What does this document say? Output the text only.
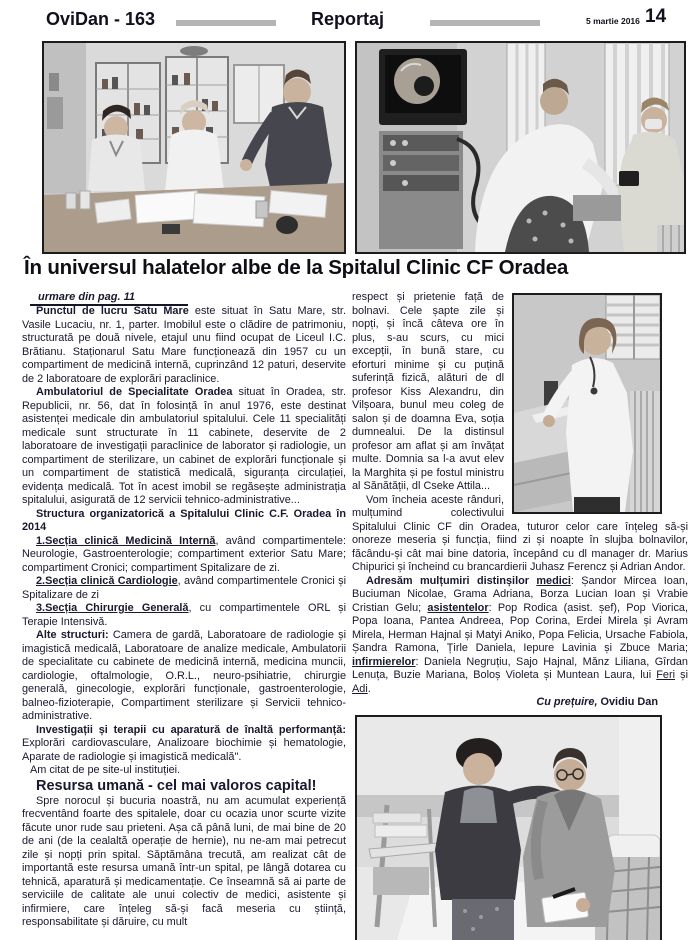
OviDan - 163	Reportaj	5 martie 2016 14
În universul halatelor albe de la Spitalul Clinic CF Oradea
urmare din pag. 11

Punctul de lucru Satu Mare este situat în Satu Mare, str. Vasile Lucaciu, nr. 1, parter. Imobilul este o clădire de patrimoniu, structurată pe două nivele, etajul unu fiind ocupat de Liceul I.C. Brătianu. Staționarul Satu Mare funcționează din 1957 cu un compartiment de medicină internă, cuprinzând 12 paturi, deservite de 2 laboratoare de explorări paraclinice.

Ambulatoriul de Specialitate Oradea situat în Oradea, str. Republicii, nr. 56, dat în folosință în anul 1976, este destinat asistenței medicale din ambulatoriul spitalului. Cele 11 specialități medicale sunt structurate în 11 cabinete, deservite de 2 laboratoare de investigații paraclinice de laborator și radiologie, un compartiment de sterilizare, un cabinet de explorări funcționale și un compartiment de statistică medicală, siguranța circulației, evidența medicală. Tot în acest imobil se regăsește administrația spitalului, asigurată de 12 servicii tehnico-administrative...

Structura organizatorică a Spitalului Clinic C.F. Oradea în 2014

1.Secția clinică Medicină Internă, având compartimentele: Neurologie, Gastroenterologie; compartiment exterior Satu Mare; compartiment Cronici; compartiment Spitalizare de zi.

2.Secția clinică Cardiologie, având compartimentele Cronici și Spitalizare de zi

3.Secția Chirurgie Generală, cu compartimentele ORL și Terapie Intensivă.

Alte structuri: Camera de gardă, Laboratoare de radiologie și imagistică medicală, Laboratoare de analize medicale, Ambulatorii de specialitate cu cabinete de medicină internă, medicina muncii, cardiologie, oftalmologie, O.R.L., neuro-psihiatrie, chirurgie generală, ginecologie, explorări funcționale, gastroenterologie, balneo-fizioterapie, Compartiment sterilizare și Servicii tehnico-administrative.

Investigații și terapii cu aparatură de înaltă performanță: Explorări cardiovasculare, Analizoare biochimie și hematologie, Aparate de radiologie și imagistică medicală".

Am citat de pe site-ul instituției.

Resursa umană - cel mai valoros capital!

Spre norocul și bucuria noastră, nu am acumulat experiență frecventând foarte des spitalele, doar cu ocazia unor scurte vizite făcute unor rude sau prieteni. Așa că până luni, de mai bine de 20 de ani (de la cealaltă operație de hernie), nu ne-am mai petrecut zile și nopți prin spital. Săptămâna trecută, am realizat cât de importantă este resursa umană într-un spital, pe lângă dotarea cu tehnică, aparatură și medicamentație. Ce înseamnă să ai parte de serviciile de calitate ale unui colectiv de medici, asistente și infirmiere, care înțeleg să-și facă meseria cu știință, responsabilitate și dăruire, cu mult

respect și prietenie față de bolnavi. Cele șapte zile și nopți, și încă câteva ore în plus, s-au scurs, cu mici excepții, în bună stare, cu eforturi minime și cu puțină suferință fizică, alături de dl profesor Kiss Alexandru, din Vilșoara, bunul meu coleg de salon și de doamna Eva, soția dumnealui. De la distinsul profesor am aflat și am învățat multe. Domnia sa l-a avut elev la Marghita și pe fostul ministru al Sănătății, dl Cseke Attila...

Vom încheia aceste rânduri, mulțumind colectivului Spitalului Clinic CF din Oradea, tuturor celor care înțeleg să-și onoreze meseria și funcția, fiind zi și noapte în slujba bolnavilor, făcându-și cât mai bine datoria, începând cu dl manager dr. Marius Chipurici și încheind cu brancardierii Juhasz Ferencz și Adrian Andor.

Adresăm mulțumiri distinșilor medici: Șandor Mircea Ioan, Buciuman Nicolae, Grama Adriana, Borza Lucian Ioan și Vrabie Cristian Gelu; asistentelor: Pop Rodica (asist. șef), Pop Viorica, Popa Ioana, Pantea Andreea, Pop Corina, Erdei Mirela și Avram Mirela, Herman Hajnal și Matyi Aniko, Popa Felicia, Ursache Fabiola, Șandra Ramona, Țirle Daniela, Iepure Lavinia și Zbuce Maria; infirmierelor: Daniela Negruțiu, Sajo Hajnal, Mănz Liliana, Gîrdan Lenuța, Buzie Mariana, Boloș Violeta și Muntean Laura, lui Feri și Adi.

Cu prețuire, Ovidiu Dan
